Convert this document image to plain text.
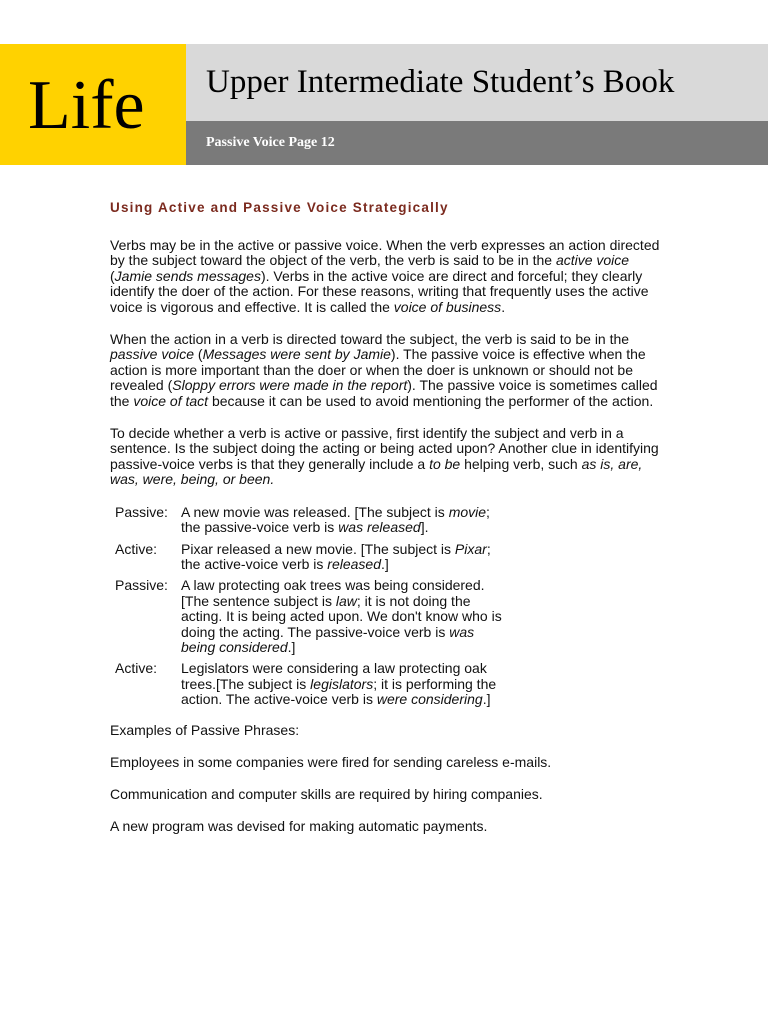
Life Upper Intermediate Student’s Book
Passive Voice Page 12
Using Active and Passive Voice Strategically

Verbs may be in the active or passive voice. When the verb expresses an action directed by the subject toward the object of the verb, the verb is said to be in the active voice (Jamie sends messages). Verbs in the active voice are direct and forceful; they clearly identify the doer of the action. For these reasons, writing that frequently uses the active voice is vigorous and effective. It is called the voice of business.

When the action in a verb is directed toward the subject, the verb is said to be in the passive voice (Messages were sent by Jamie). The passive voice is effective when the action is more important than the doer or when the doer is unknown or should not be revealed (Sloppy errors were made in the report). The passive voice is sometimes called the voice of tact because it can be used to avoid mentioning the performer of the action.

To decide whether a verb is active or passive, first identify the subject and verb in a sentence. Is the subject doing the acting or being acted upon? Another clue in identifying passive-voice verbs is that they generally include a to be helping verb, such as is, are, was, were, being, or been.

Passive: A new movie was released. [The subject is movie; the passive-voice verb is was released].
Active:	Pixar released a new movie. [The subject is Pixar; the active-voice verb is released.]
Passive: A law protecting oak trees was being considered. [The sentence subject is law; it is not doing the acting. It is being acted upon. We don't know who is doing the acting. The passive-voice verb is was being considered.]
Active:	Legislators were considering a law protecting oak trees.[The subject is legislators; it is performing the action. The active-voice verb is were considering.]

Examples of Passive Phrases:

Employees in some companies were fired for sending careless e-mails.

Communication and computer skills are required by hiring companies.

A new program was devised for making automatic payments.
